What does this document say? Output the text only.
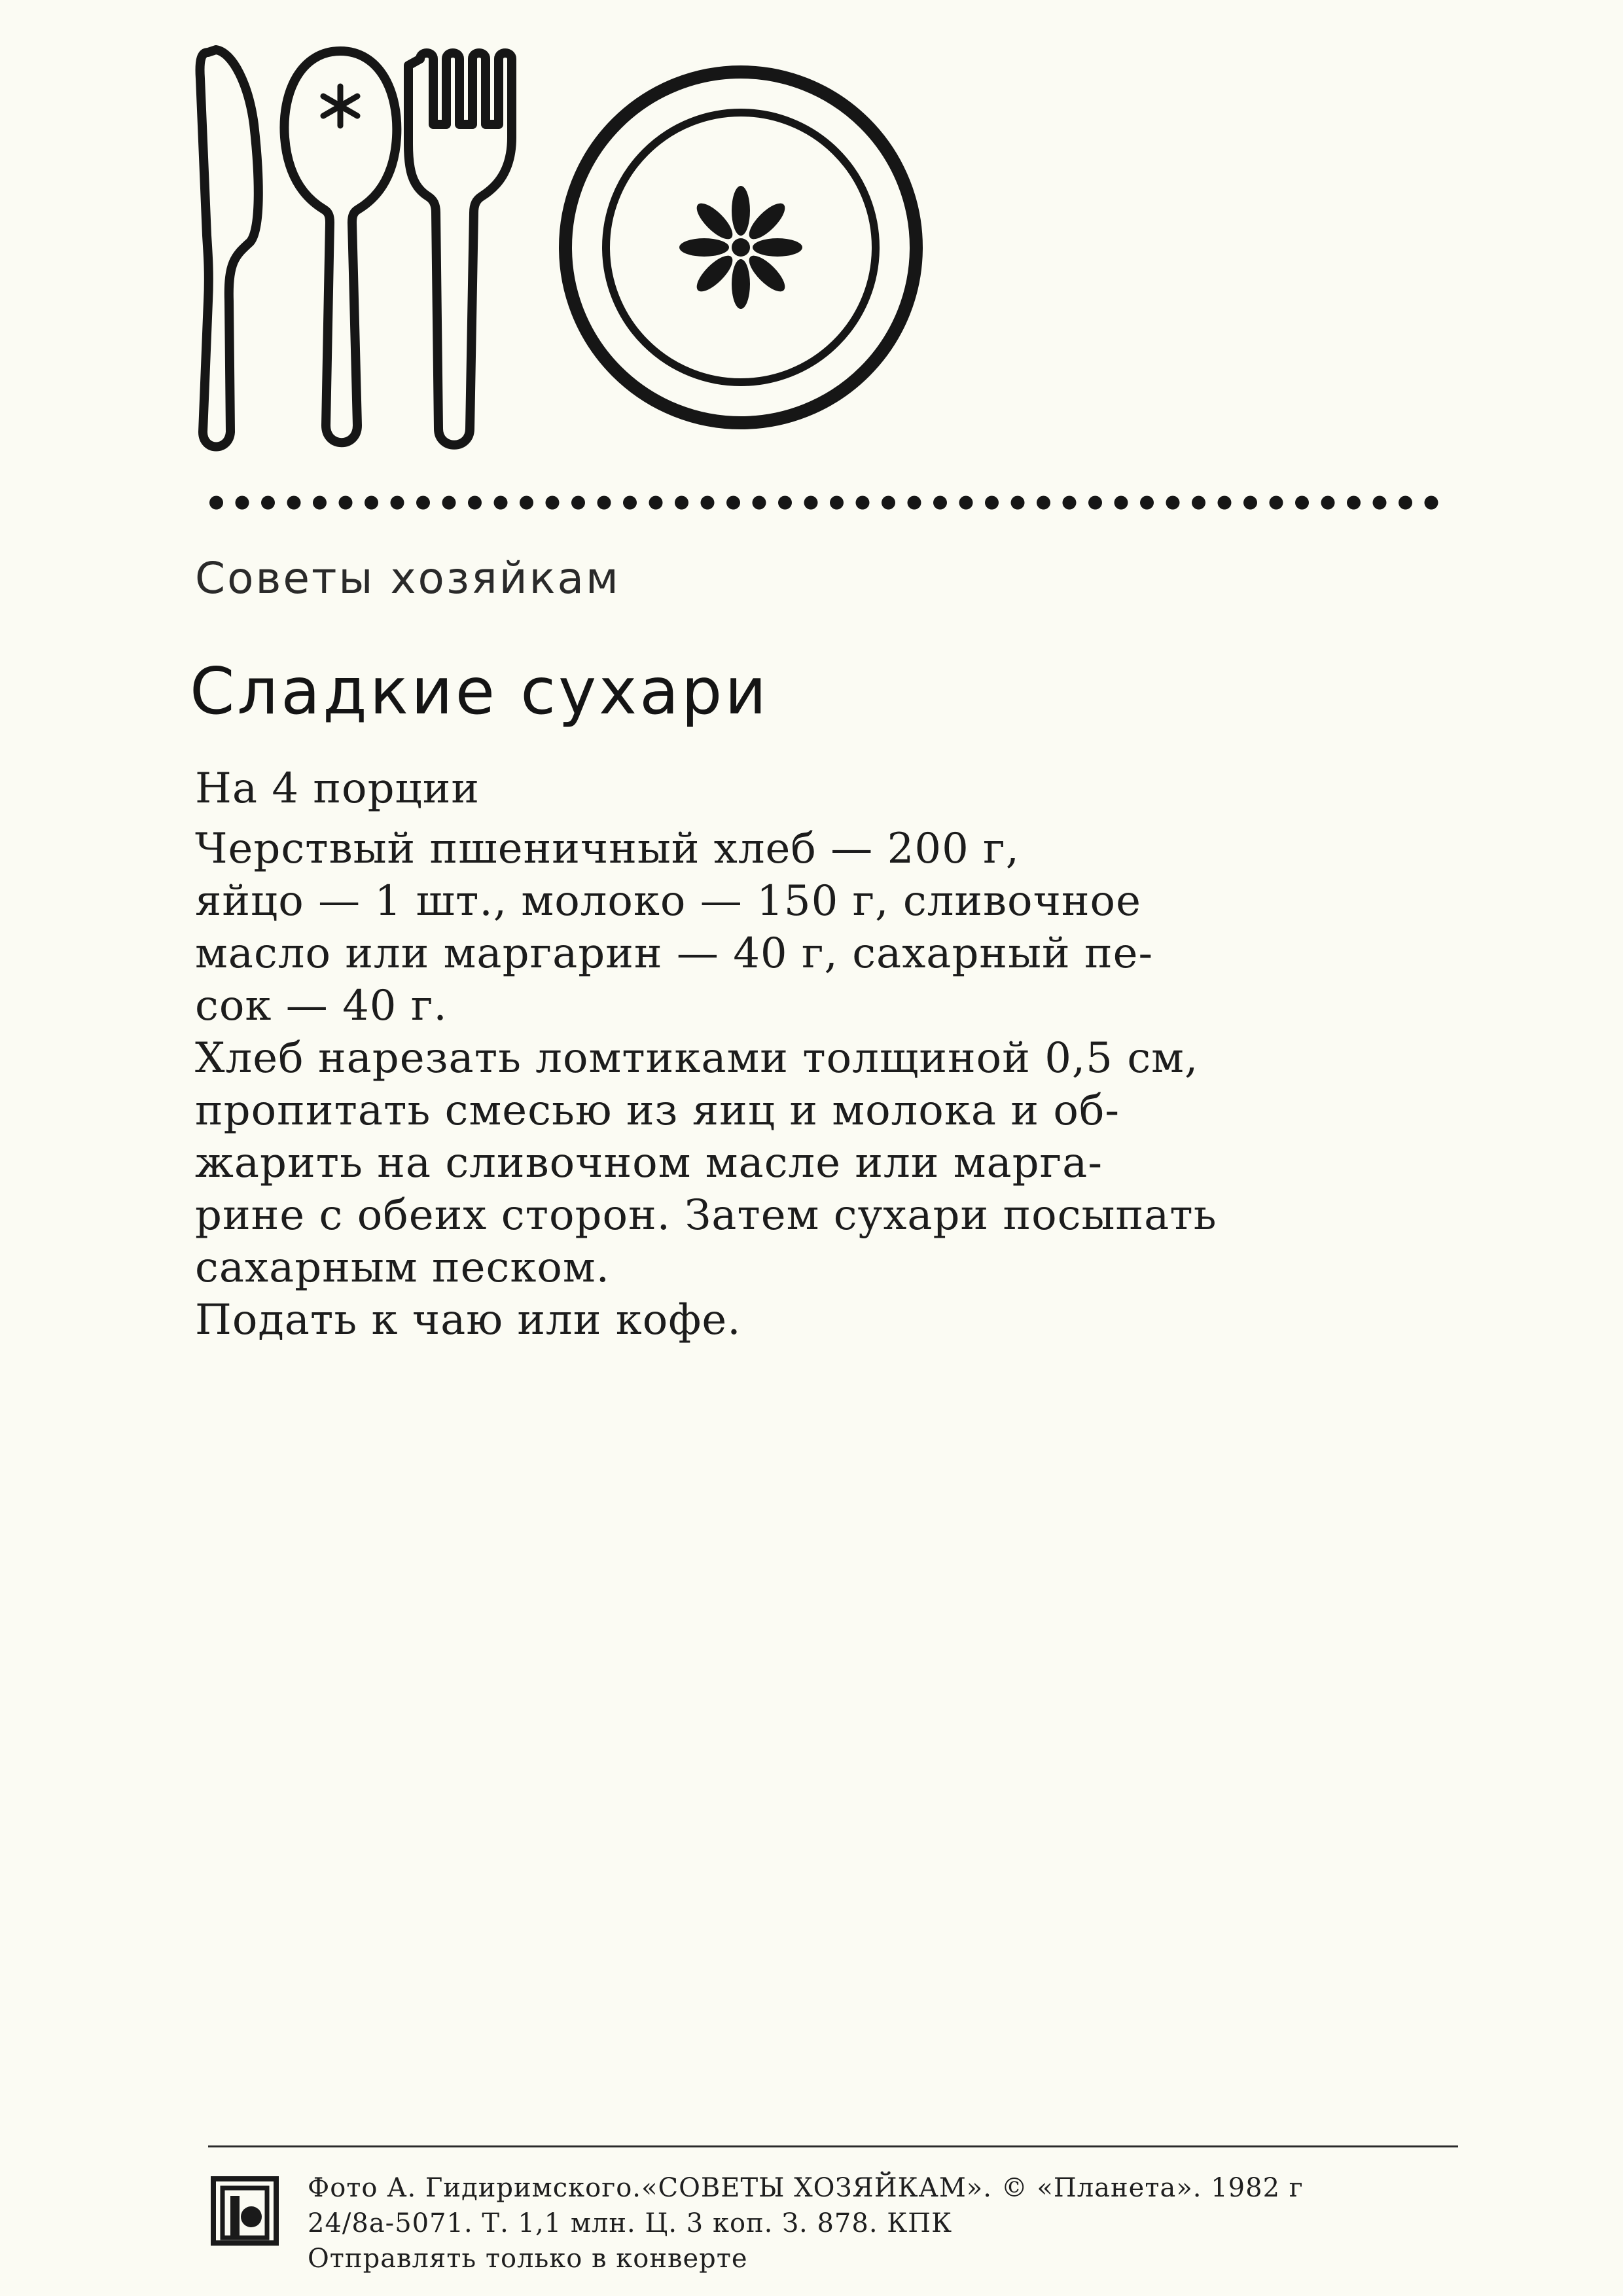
Советы хозяйкам
Сладкие сухари

На 4 порции

Черствый пшеничный хлеб — 200 г,

яйцо — 1 шт., молоко — 150 г, сливочное

масло или маргарин — 40 г, сахарный пе-

сок — 40 г.

Хлеб нарезать ломтиками толщиной 0,5 см,

пропитать смесью из яиц и молока и об-

жарить на сливочном масле или марга-

рине с обеих сторон. Затем сухари посыпать

сахарным песком.

Подать к чаю или кофе.

Фото А. Гидиримского.«СОВЕТЫ ХОЗЯЙКАМ». © «Планета». 1982 г

24/8а-5071. Т. 1,1 млн. Ц. 3 коп. З. 878. КПК

Отправлять только в конверте
